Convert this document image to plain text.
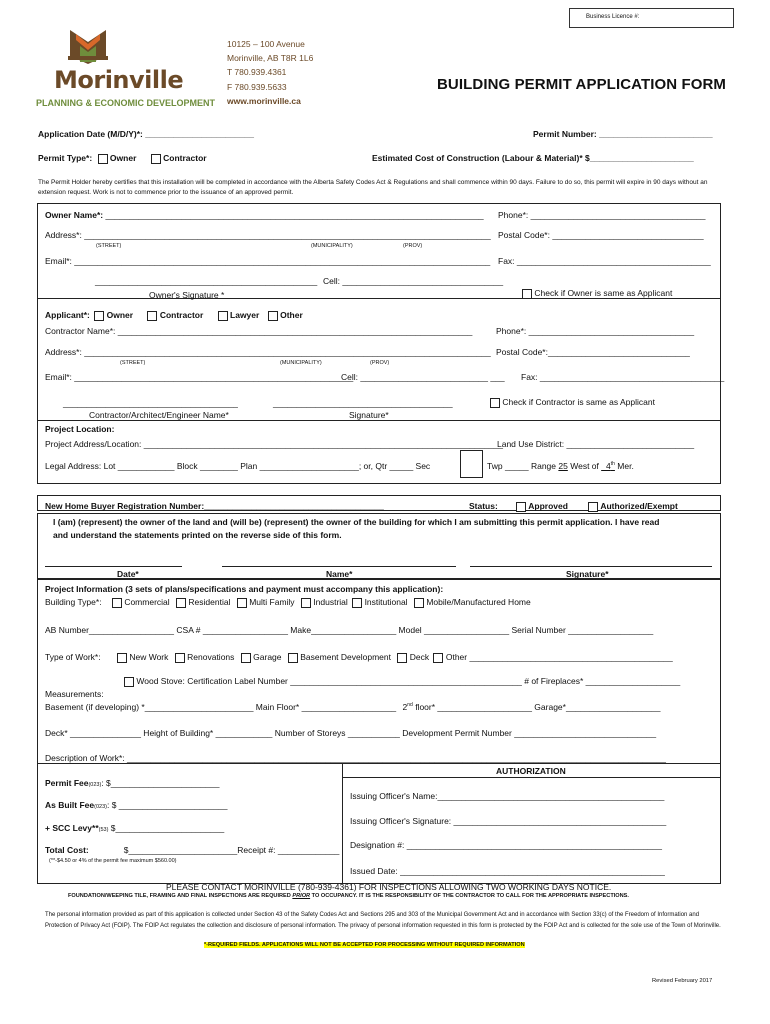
Business Licence #:
Morinville
PLANNING & ECONOMIC DEVELOPMENT
10125 – 100 Avenue
Morinville, AB T8R 1L6
T 780.939.4361
F 780.939.5633
www.morinville.ca
BUILDING PERMIT APPLICATION FORM
Application Date (M/D/Y)*: _______________________	Permit Number: ________________________
Permit Type*: Owner	Contractor	Estimated Cost of Construction (Labour & Material)* $______________________
The Permit Holder hereby certifies that this installation will be completed in accordance with the Alberta Safety Codes Act & Regulations and shall commence within 90 days. Failure to do so, this permit will expire in 90 days without an extension request. Work is not to commence prior to the issuance of an approved permit.
Owner Name*: ________________________________________________________________________________ Phone*: _____________________________________
Address*: ______________________________________________________________________________________ Postal Code*: ________________________________
(STREET)	(MUNICIPALITY)	(PROV)
Email*: ________________________________________________________________________________________ Fax: _________________________________________
_______________________________________________ Cell: __________________________________
Owner's Signature *	Check if Owner is same as Applicant
Applicant*: Owner	Contractor	Lawyer Other
Contractor Name*: ___________________________________________________________________________	Phone*: ___________________________________
Address*: ______________________________________________________________________________________ Postal Code*:______________________________
(STREET)	(MUNICIPALITY)	(PROV)
Email*: ___________________________________________________________
Cell: ___________________________ ___ Fax: _______________________________________
_____________________________________	______________________________________	Check if Contractor is same as Applicant
Contractor/Architect/Engineer Name*	Signature*
Project Location:
Project Address/Location: ____________________________________________________________________________
Land Use District: ___________________________
Legal Address: Lot ____________ Block ________ Plan _____________________; or, Qtr _____ Sec	Twp _____ Range 25 West of _4th Mer.
New Home Buyer Registration Number:______________________________________	Status:	Approved	Authorized/Exempt
I (am) (represent) the owner of the land and (will be) (represent) the owner of the building for which I am submitting this permit application. I have read
and understand the statements printed on the reverse side of this form.
Date*	Name*	Signature*
Project Information (3 sets of plans/specifications and payment must accompany this application):
Building Type*:	Commercial Residential Multi Family Industrial Institutional Mobile/Manufactured Home
AB Number__________________ CSA # __________________ Make__________________ Model __________________ Serial Number __________________
Type of Work*:	New Work Renovations Garage Basement Development Deck Other ___________________________________________
Wood Stove: Certification Label Number _________________________________________________ # of Fireplaces* ____________________
Measurements:
Basement (if developing) *_______________________ Main Floor* ____________________ 2nd floor* ____________________ Garage*____________________
Deck* _______________ Height of Building* ____________ Number of Storeys ___________ Development Permit Number ______________________________
Description of Work*: __________________________________________________________________________________________________________________
Permit Fee(023): $_______________________
As Built Fee(023): $ _______________________
+ SCC Levy**(53) $_______________________
Total Cost:	$_______________________Receipt #: _____________
(**-$4.50 or 4% of the permit fee maximum $560.00)
AUTHORIZATION
Issuing Officer's Name:________________________________________________
Issuing Officer's Signature: _____________________________________________
Designation #: ______________________________________________________
Issued Date: ________________________________________________________
PLEASE CONTACT MORINVILLE (780-939-4361) FOR INSPECTIONS ALLOWING TWO WORKING DAYS NOTICE.
FOUNDATION/WEEPING TILE, FRAMING AND FINAL INSPECTIONS ARE REQUIRED PRIOR TO OCCUPANCY. IT IS THE RESPONSIBILITY OF THE CONTRACTOR TO CALL FOR THE APPROPRIATE INSPECTIONS.
The personal information provided as part of this application is collected under Section 43 of the Safety Codes Act and Sections 295 and 303 of the Municipal Government Act and in accordance with Section 33(c) of the Freedom of Information and Protection of Privacy Act (FOIP). The FOIP Act regulates the collection and disclosure of personal information. The privacy of personal information requested in this form is protected by the FOIP Act and is collected for the sole use of the Town of Morinville.
*-REQUIRED FIELDS. APPLICATIONS WILL NOT BE ACCEPTED FOR PROCESSING WITHOUT REQUIRED INFORMATION
Revised February 2017
